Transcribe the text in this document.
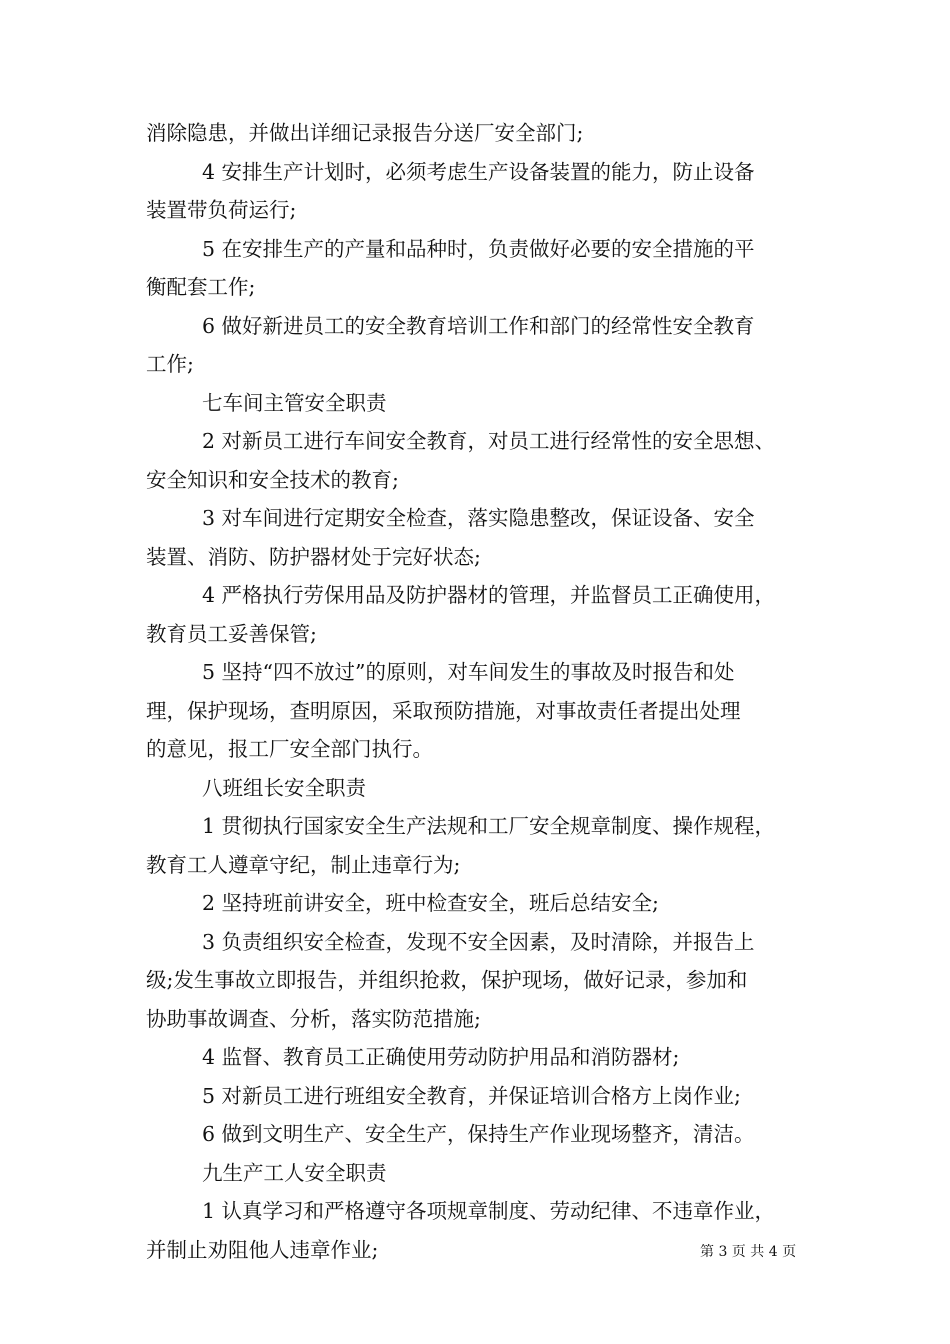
消除隐患，并做出详细记录报告分送厂安全部门;
4 安排生产计划时，必须考虑生产设备装置的能力，防止设备
装置带负荷运行;
5 在安排生产的产量和品种时，负责做好必要的安全措施的平
衡配套工作;
6 做好新进员工的安全教育培训工作和部门的经常性安全教育
工作;
七车间主管安全职责
2 对新员工进行车间安全教育，对员工进行经常性的安全思想、
安全知识和安全技术的教育;
3 对车间进行定期安全检查，落实隐患整改，保证设备、安全
装置、消防、防护器材处于完好状态;
4 严格执行劳保用品及防护器材的管理，并监督员工正确使用，
教育员工妥善保管;
5 坚持“四不放过”的原则，对车间发生的事故及时报告和处
理，保护现场，查明原因，采取预防措施，对事故责任者提出处理
的意见，报工厂安全部门执行。
八班组长安全职责
1 贯彻执行国家安全生产法规和工厂安全规章制度、操作规程，
教育工人遵章守纪，制止违章行为;
2 坚持班前讲安全，班中检查安全，班后总结安全;
3 负责组织安全检查，发现不安全因素，及时清除，并报告上
级;发生事故立即报告，并组织抢救，保护现场，做好记录，参加和
协助事故调查、分析，落实防范措施;
4 监督、教育员工正确使用劳动防护用品和消防器材;
5 对新员工进行班组安全教育，并保证培训合格方上岗作业;
6 做到文明生产、安全生产，保持生产作业现场整齐，清洁。
九生产工人安全职责
1 认真学习和严格遵守各项规章制度、劳动纪律、不违章作业，
并制止劝阻他人违章作业;	第 3 页 共 4 页
